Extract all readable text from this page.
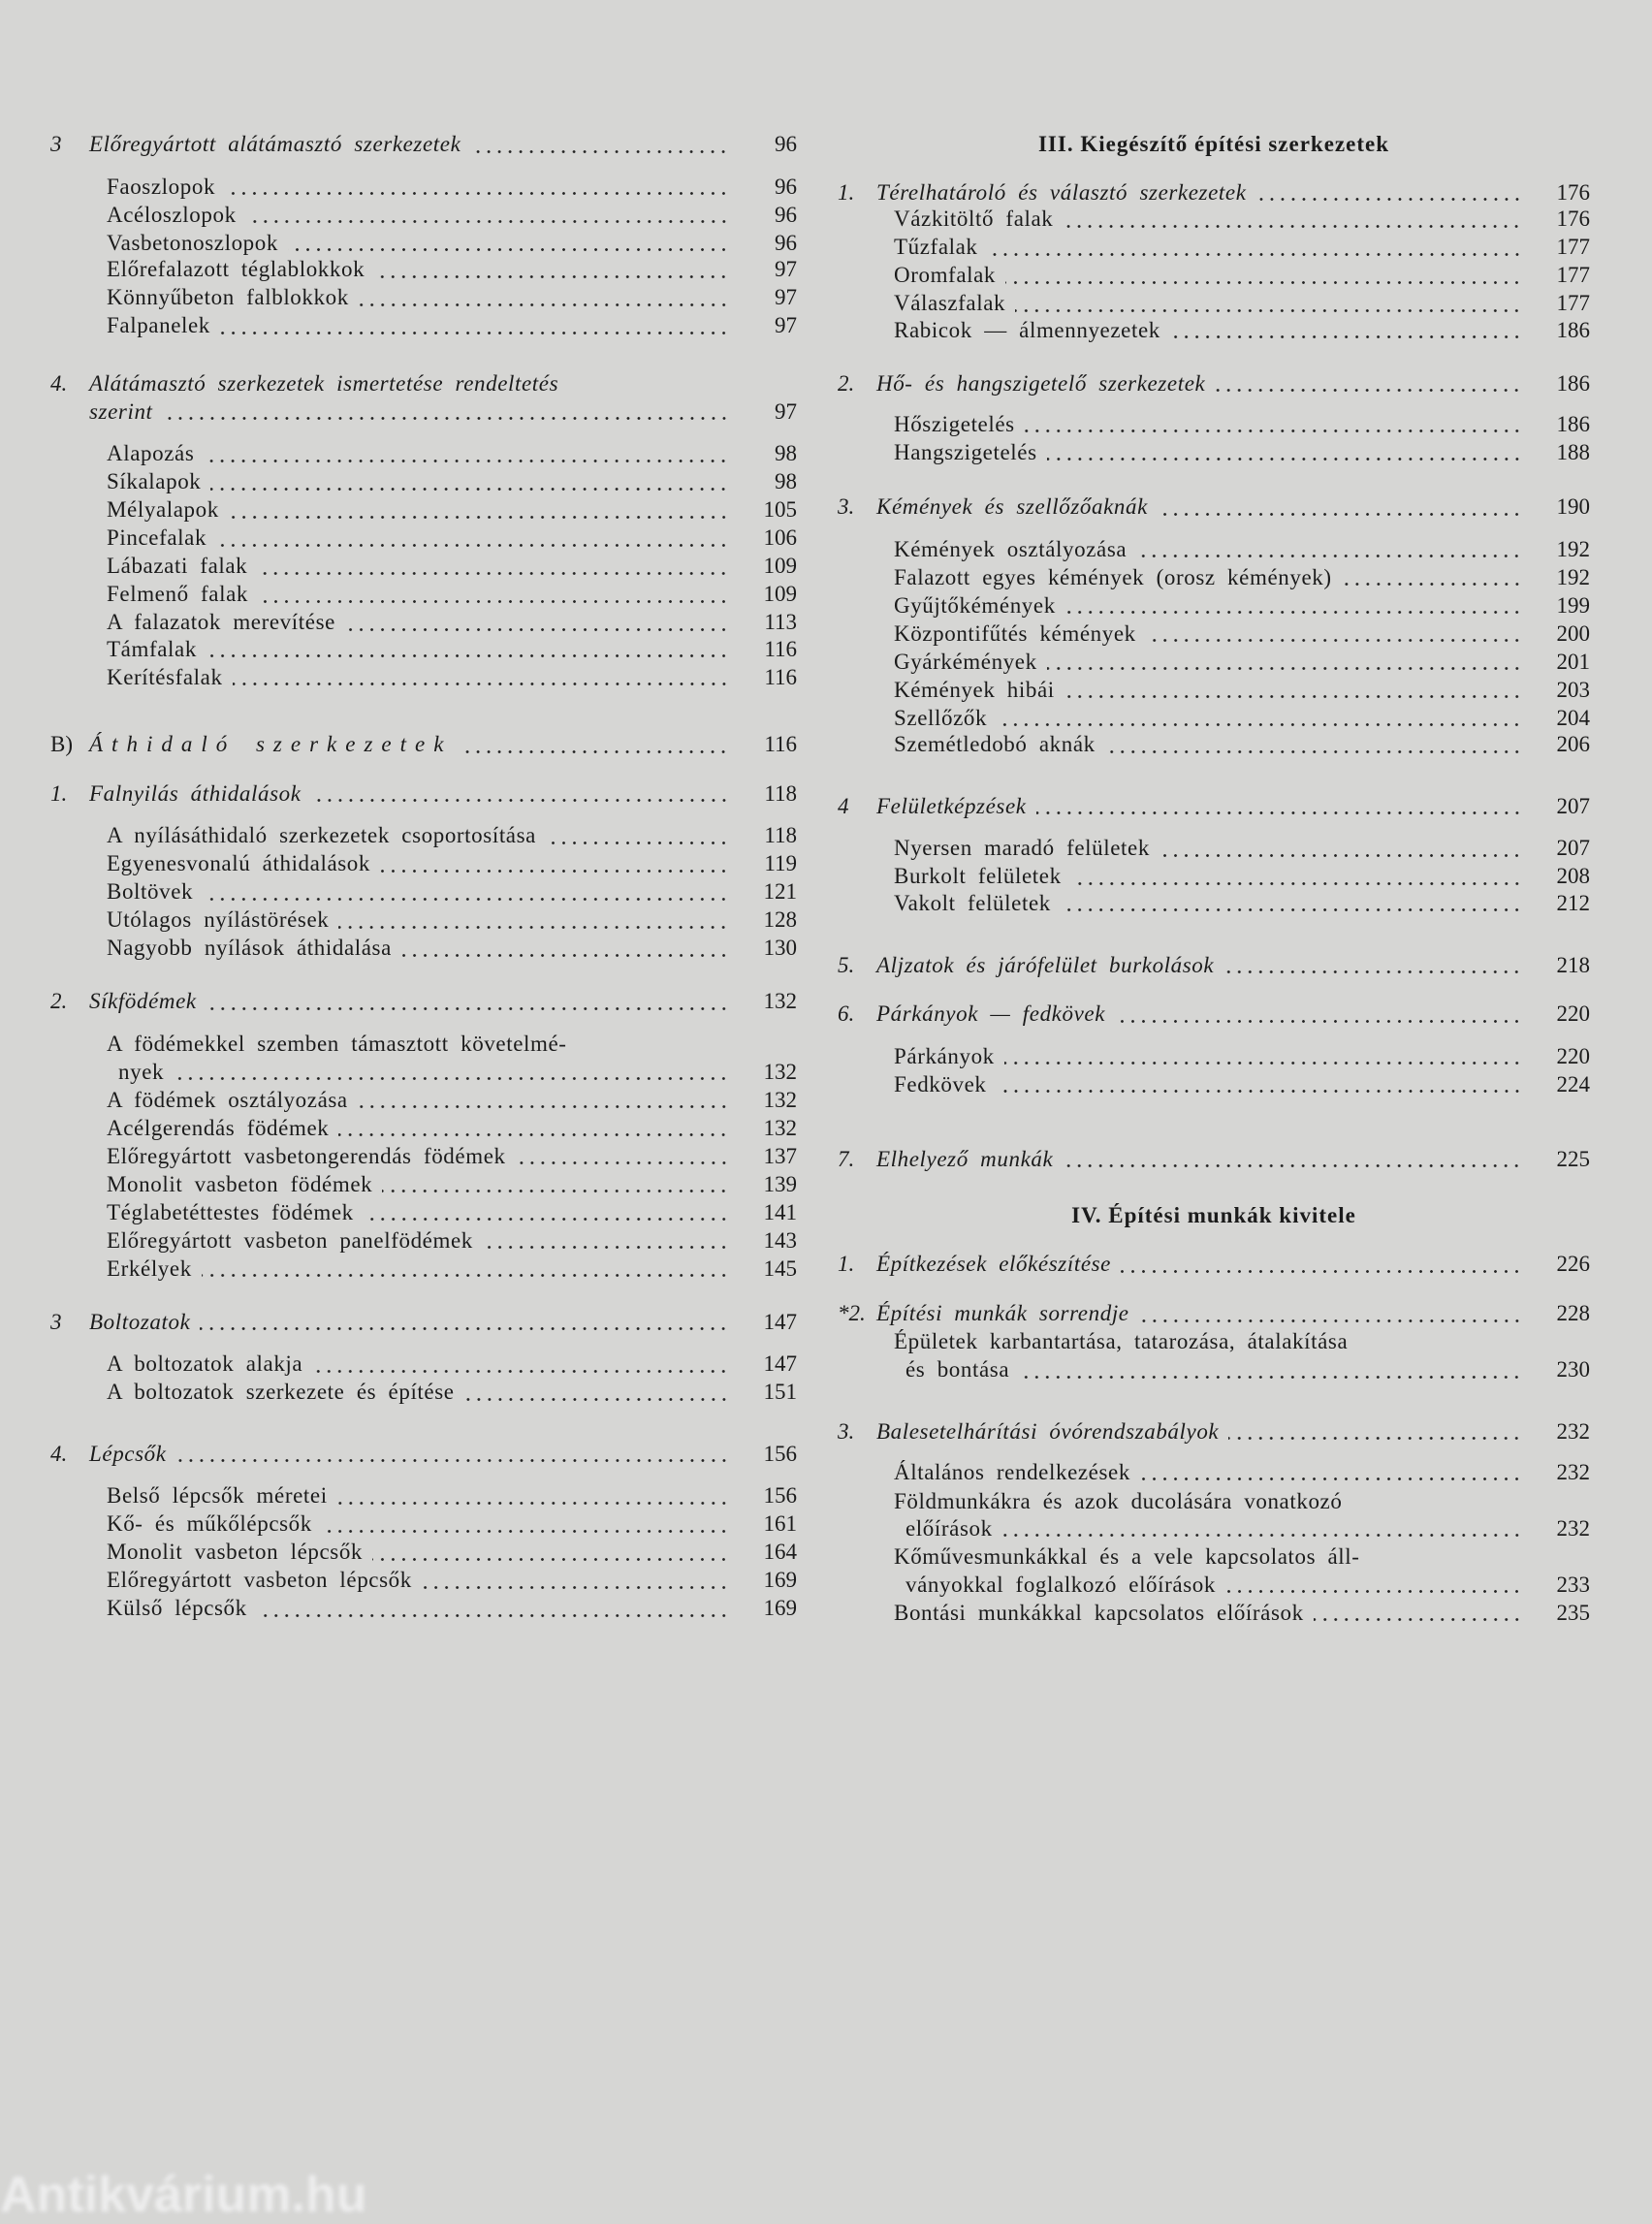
3	Előregyártott alátámasztó szerkezetek	96
Faoszlopok	96
Acéloszlopok	96
Vasbetonoszlopok	96
Előrefalazott téglablokkok	97
Könnyűbeton falblokkok	97
Falpanelek	97
4. Alátámasztó szerkezetek ismertetése rendeltetés
szerint	97
Alapozás	98
Síkalapok	98
Mélyalapok	105
Pincefalak	106
Lábazati falak	109
Felmenő falak	109
A falazatok merevítése	113
Támfalak	116
Kerítésfalak	116
B) Áthidaló szerkezetek	116
1. Falnyilás áthidalások	118
A nyílásáthidaló szerkezetek csoportosítása	118
Egyenesvonalú áthidalások	119
Boltövek	121
Utólagos nyílástörések	128
Nagyobb nyílások áthidalása	130
2. Síkfödémek	132
A födémekkel szemben támasztott követelmé-
nyek	132
A födémek osztályozása	132
Acélgerendás födémek	132
Előregyártott vasbetongerendás födémek	137
Monolit vasbeton födémek	139
Téglabetéttestes födémek	141
Előregyártott vasbeton panelfödémek	143
Erkélyek	145
3	Boltozatok	147
A boltozatok alakja	147
A boltozatok szerkezete és építése	151
4. Lépcsők	156
Belső lépcsők méretei	156
Kő- és műkőlépcsők	161
Monolit vasbeton lépcsők	164
Előregyártott vasbeton lépcsők	169
Külső lépcsők	169
III. Kiegészítő építési szerkezetek
1. Térelhatároló és választó szerkezetek	176
Vázkitöltő falak	176
Tűzfalak	177
Oromfalak	177
Válaszfalak	177
Rabicok — álmennyezetek	186
2. Hő- és hangszigetelő szerkezetek	186
Hőszigetelés	186
Hangszigetelés	188
3. Kémények és szellőzőaknák	190
Kémények osztályozása	192
Falazott egyes kémények (orosz kémények)	192
Gyűjtőkémények	199
Központifűtés kémények	200
Gyárkémények	201
Kémények hibái	203
Szellőzők	204
Szemétledobó aknák	206
4	Felületképzések	207
Nyersen maradó felületek	207
Burkolt felületek	208
Vakolt felületek	212
5. Aljzatok és járófelület burkolások	218
6. Párkányok — fedkövek	220
Párkányok	220
Fedkövek	224
7. Elhelyező munkák	225
IV. Építési munkák kivitele
1. Építkezések előkészítése	226
*2. Építési munkák sorrendje	228
Épületek karbantartása, tatarozása, átalakítása
és bontása	230
3. Balesetelhárítási óvórendszabályok	232
Általános rendelkezések	232
Földmunkákra és azok ducolására vonatkozó
előírások	232
Kőművesmunkákkal és a vele kapcsolatos áll-
ványokkal foglalkozó előírások	233
Bontási munkákkal kapcsolatos előírások	235
Antikvárium.hu
